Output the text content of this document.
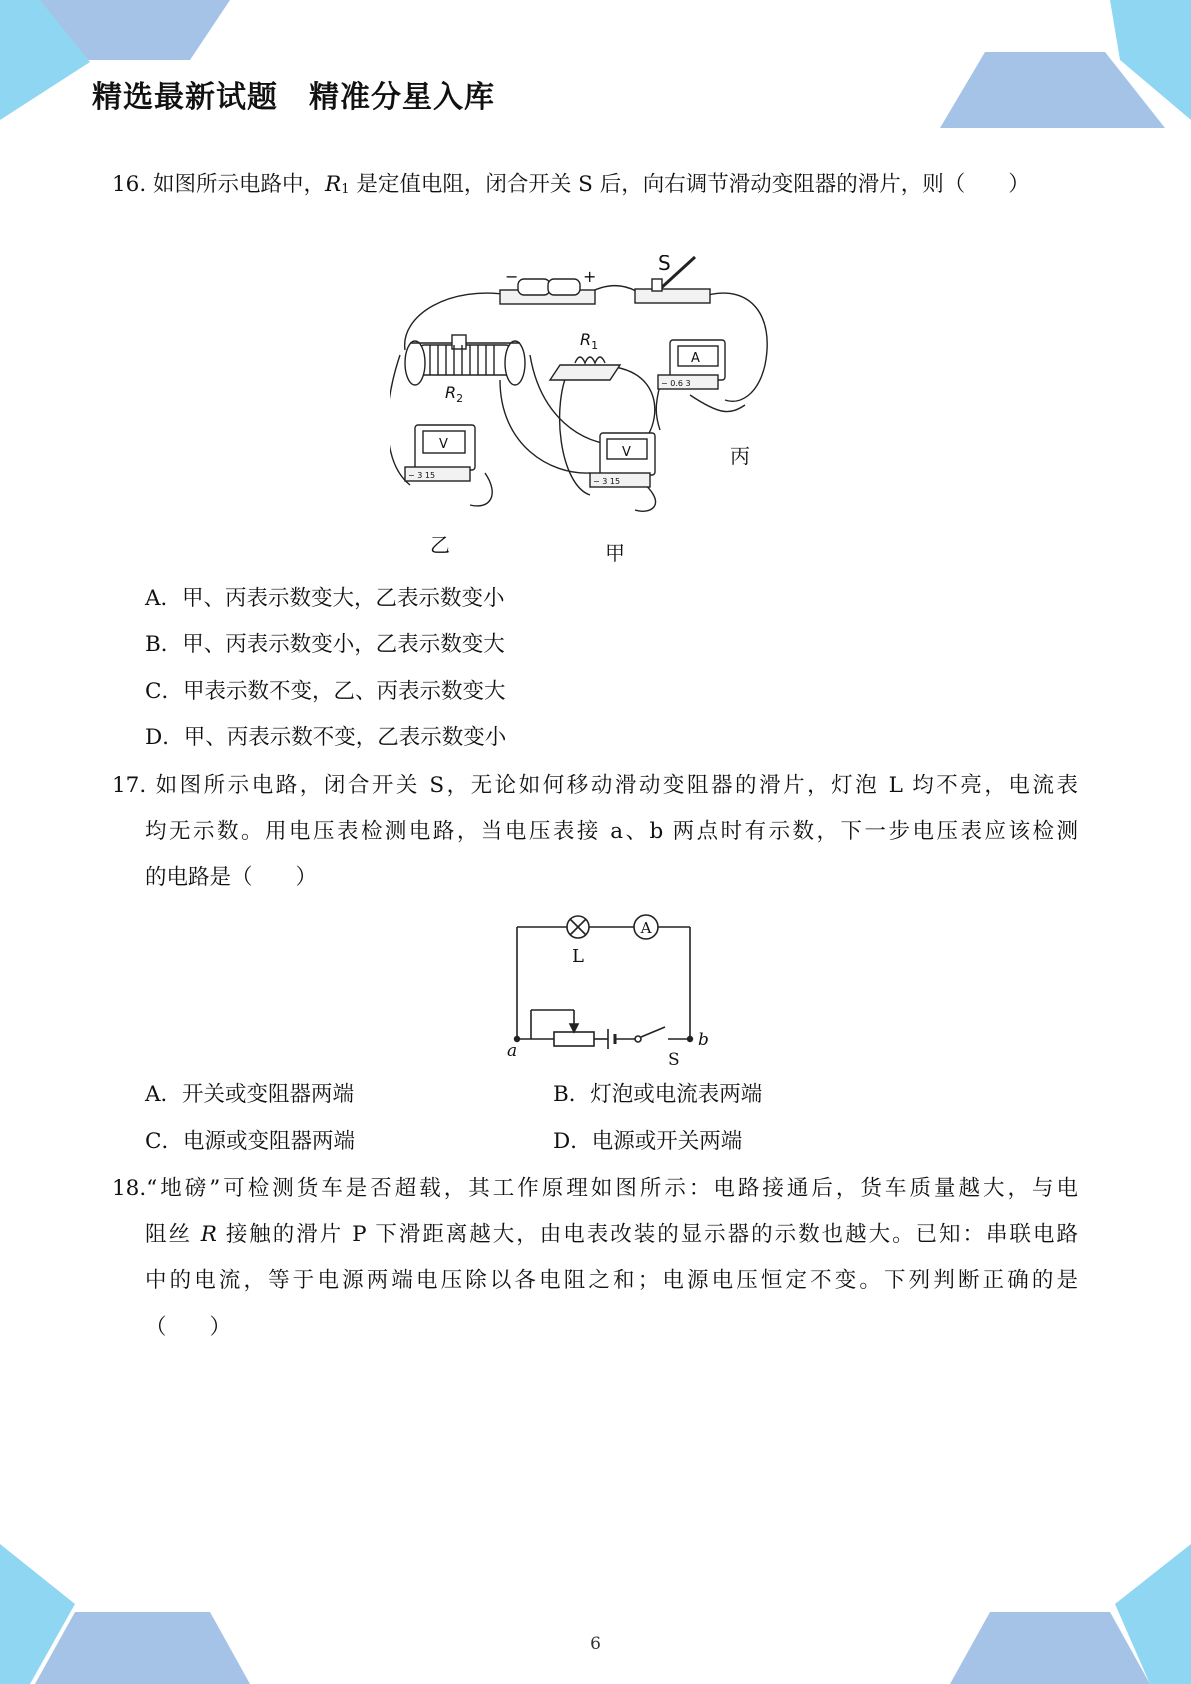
精选最新试题　精准分星入库
16. 如图所示电路中，R1 是定值电阻，闭合开关 S 后，向右调节滑动变阻器的滑片，则（　　）
−	+
S
$R_1$
$R_2$
A
− 0.6 3
V
− 3 15
V
− 3 15
乙	甲
丙
A．甲、丙表示数变大，乙表示数变小
B．甲、丙表示数变小，乙表示数变大
C．甲表示数不变，乙、丙表示数变大
D．甲、丙表示数不变，乙表示数变小
17. 如图所示电路，闭合开关 S，无论如何移动滑动变阻器的滑片，灯泡 L 均不亮，电流表
均无示数。用电压表检测电路，当电压表接 a、b 两点时有示数，下一步电压表应该检测
的电路是（　　）
L
A
a
b
S
A．开关或变阻器两端	B．灯泡或电流表两端
C．电源或变阻器两端	D．电源或开关两端
18.“地磅”可检测货车是否超载，其工作原理如图所示：电路接通后，货车质量越大，与电
阻丝 R 接触的滑片 P 下滑距离越大，由电表改装的显示器的示数也越大。已知：串联电路
中的电流，等于电源两端电压除以各电阻之和；电源电压恒定不变。下列判断正确的是
（　　）
6
